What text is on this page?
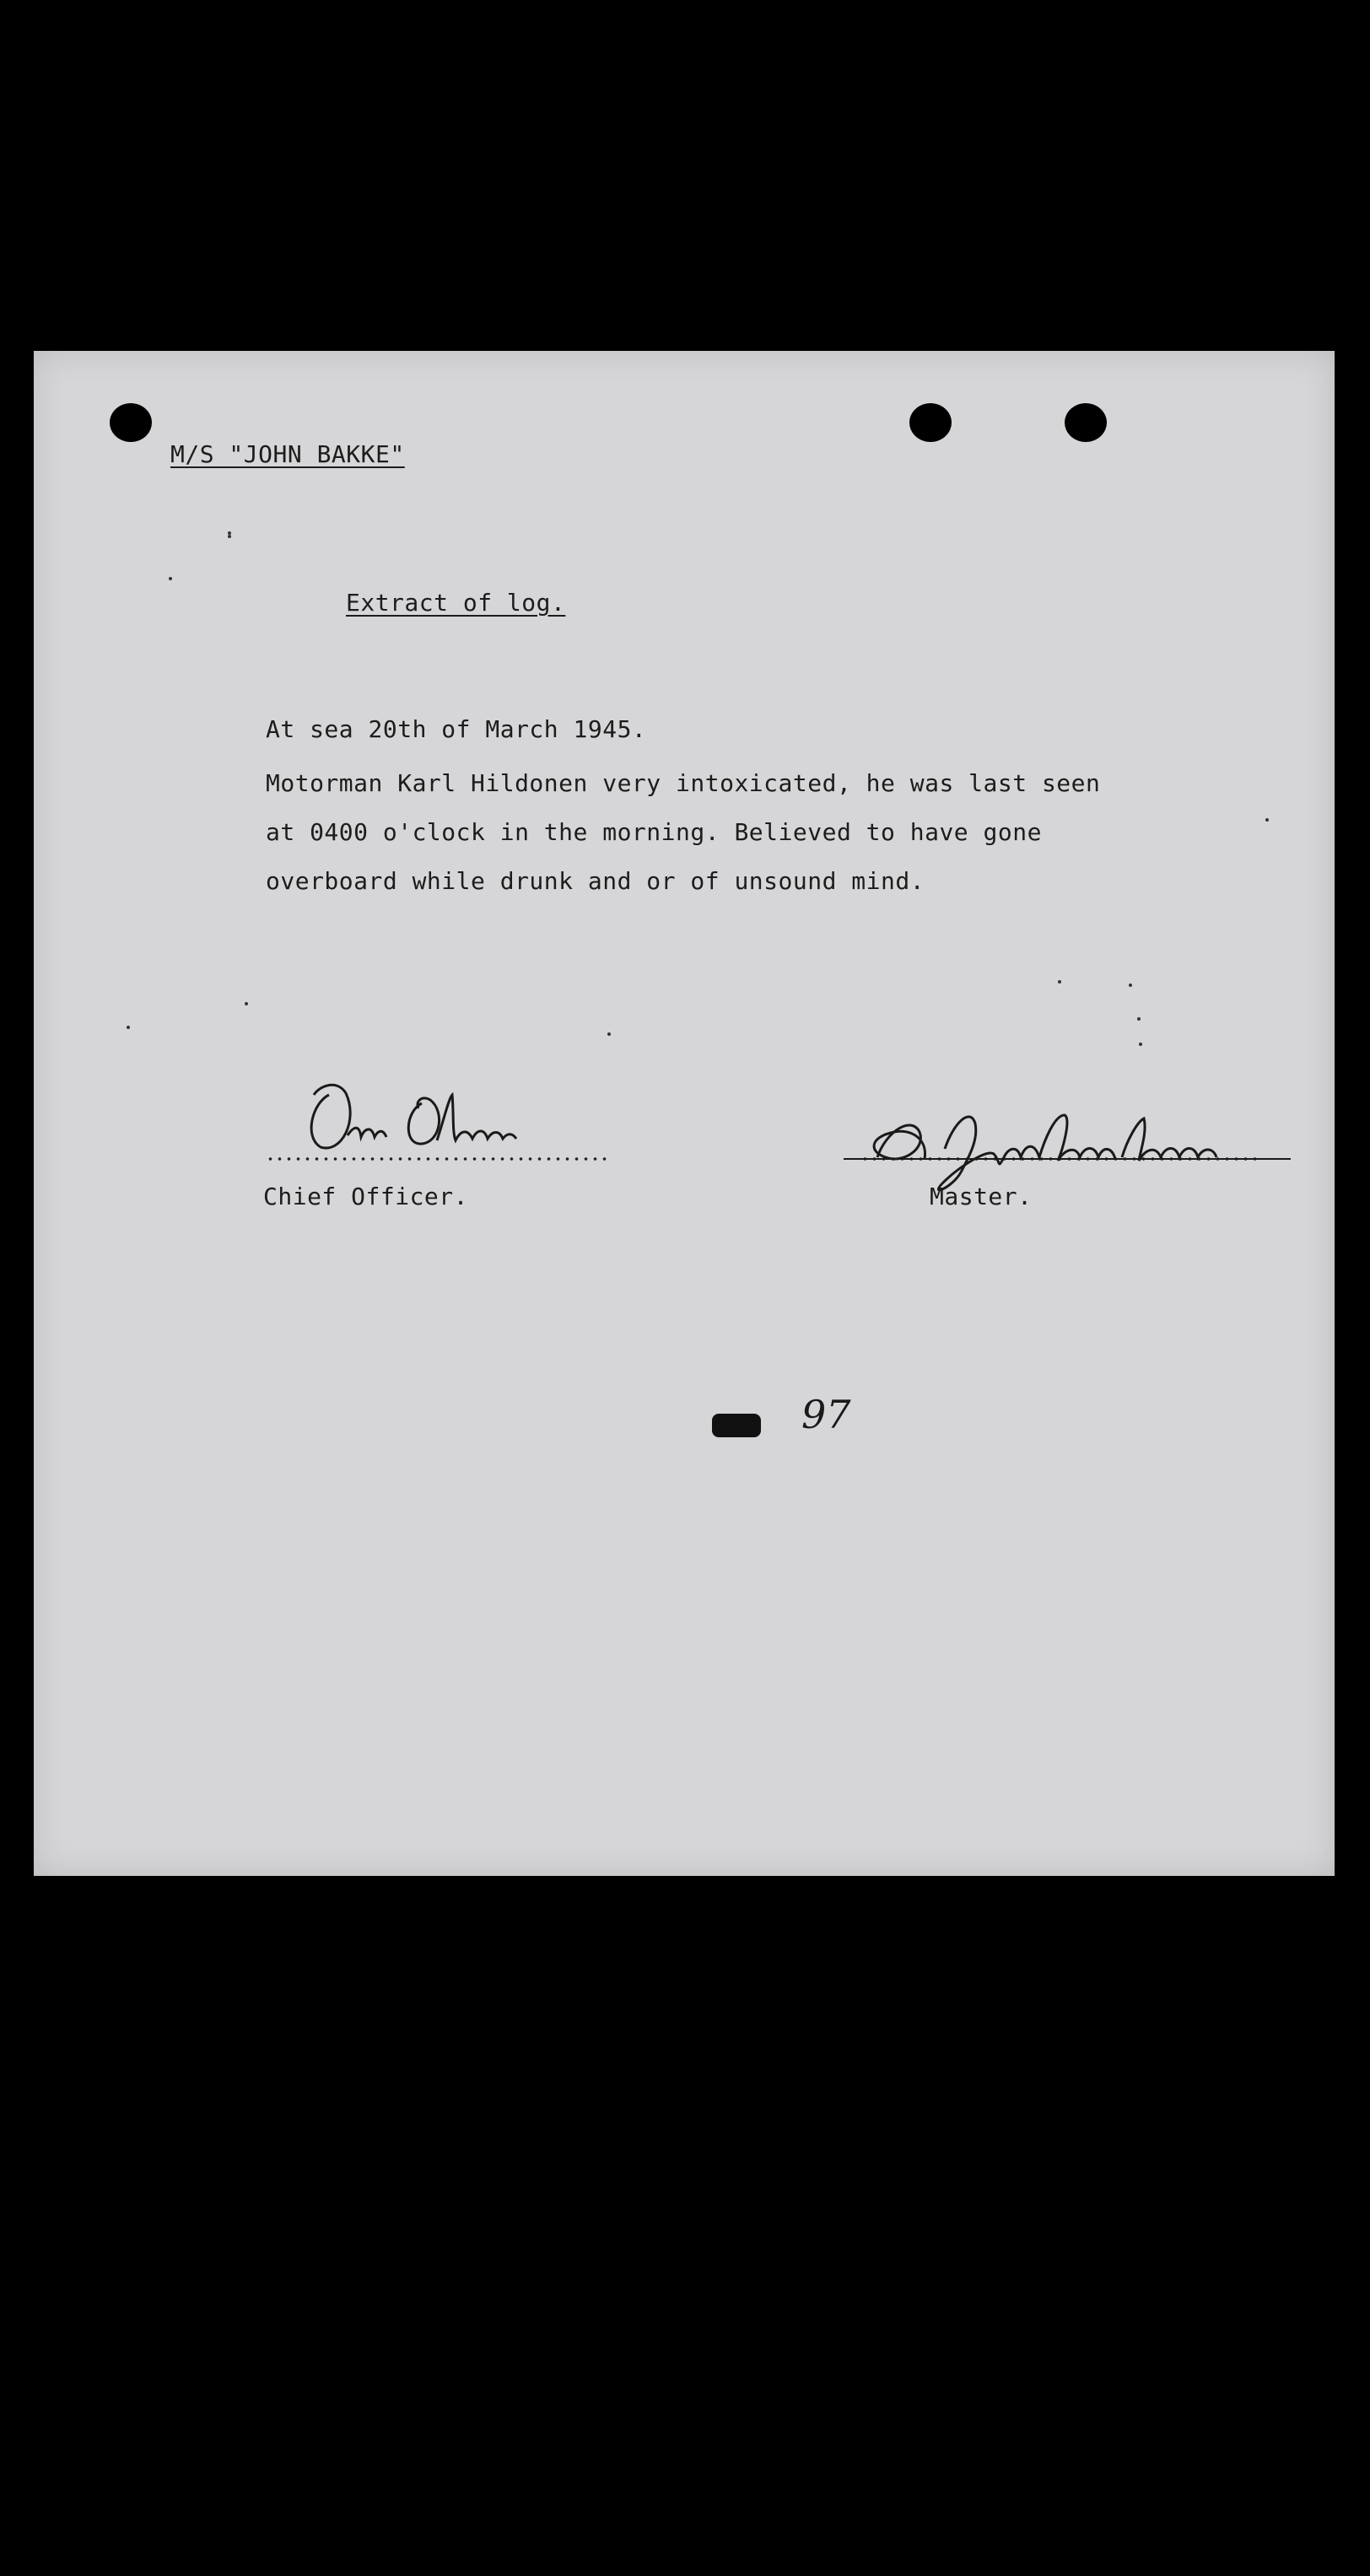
M/S "JOHN BAKKE"
Extract of log.
At sea 20th of March 1945.
Motorman Karl Hildonen very intoxicated, he was last seen
at 0400 o'clock in the morning. Believed to have gone
overboard while drunk and or of unsound mind.
Chief Officer.	Master.
97
